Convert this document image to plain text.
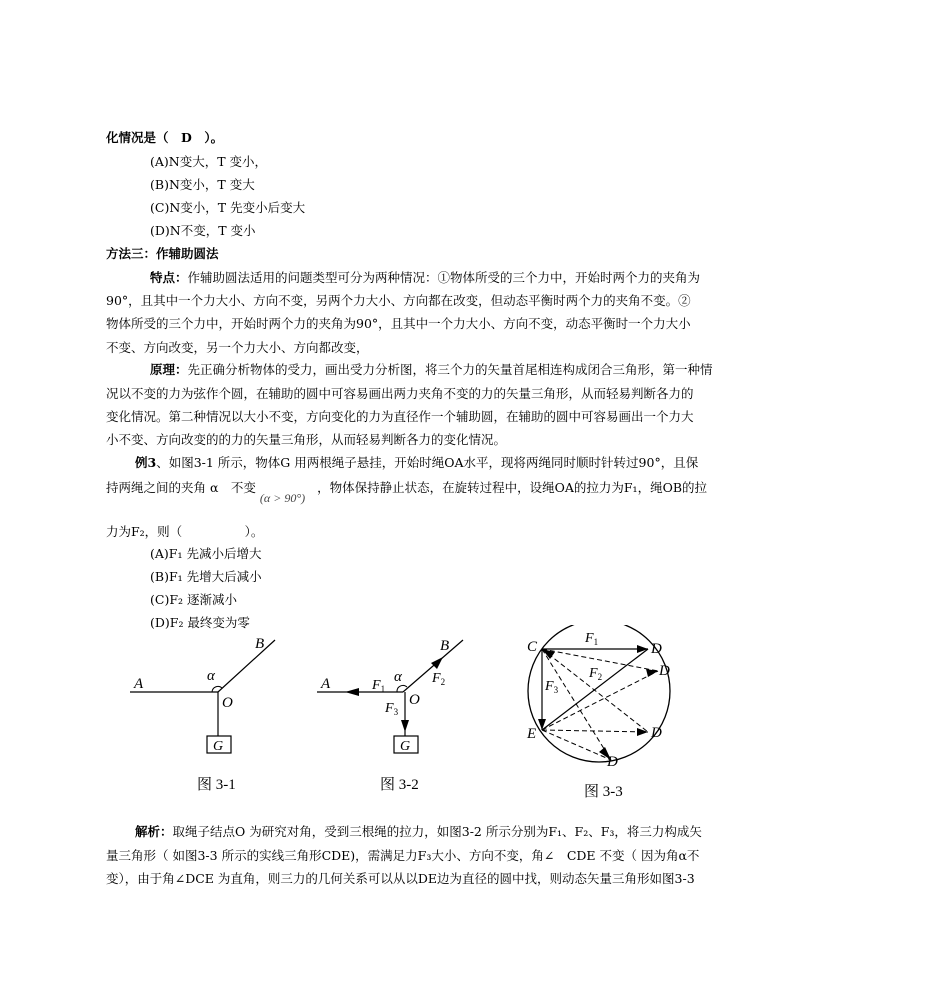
化情况是（　D　）。
(A)N变大，T 变小，
(B)N变小，T 变大
(C)N变小，T 先变小后变大
(D)N不变，T 变小
方法三：作辅助圆法
特点：作辅助圆法适用的问题类型可分为两种情况：①物体所受的三个力中，开始时两个力的夹角为
90°，且其中一个力大小、方向不变，另两个力大小、方向都在改变，但动态平衡时两个力的夹角不变。②
物体所受的三个力中，开始时两个力的夹角为90°，且其中一个力大小、方向不变，动态平衡时一个力大小
不变、方向改变，另一个力大小、方向都改变，
原理：先正确分析物体的受力，画出受力分析图，将三个力的矢量首尾相连构成闭合三角形，第一种情
况以不变的力为弦作个圆，在辅助的圆中可容易画出两力夹角不变的力的矢量三角形，从而轻易判断各力的
变化情况。第二种情况以大小不变，方向变化的力为直径作一个辅助圆，在辅助的圆中可容易画出一个力大
小不变、方向改变的的力的矢量三角形，从而轻易判断各力的变化情况。
例3、如图3-1 所示，物体G 用两根绳子悬挂，开始时绳OA水平，现将两绳同时顺时针转过90°，且保
持两绳之间的夹角 α　不变(α > 90°)，物体保持静止状态，在旋转过程中，设绳OA的拉力为F₁，绳OB的拉
力为F₂，则（　　　　　）。
(A)F₁ 先减小后增大
(B)F₁ 先增大后减小
(C)F₂ 逐渐减小
(D)F₂ 最终变为零
A
B
O
α
G
图 3-1
A
B
O
α
$F_1$
$F_2$
$F_3$
G
图 3-2
C	D
D
D
D
E
$F_1$
$F_2$
$F_3$
图 3-3
解析：取绳子结点O 为研究对角，受到三根绳的拉力，如图3-2 所示分别为F₁、F₂、F₃，将三力构成矢
量三角形（ 如图3-3 所示的实线三角形CDE)，需满足力F₃大小、方向不变，角∠　CDE 不变（ 因为角α不
变），由于角∠DCE 为直角，则三力的几何关系可以从以DE边为直径的圆中找，则动态矢量三角形如图3-3
